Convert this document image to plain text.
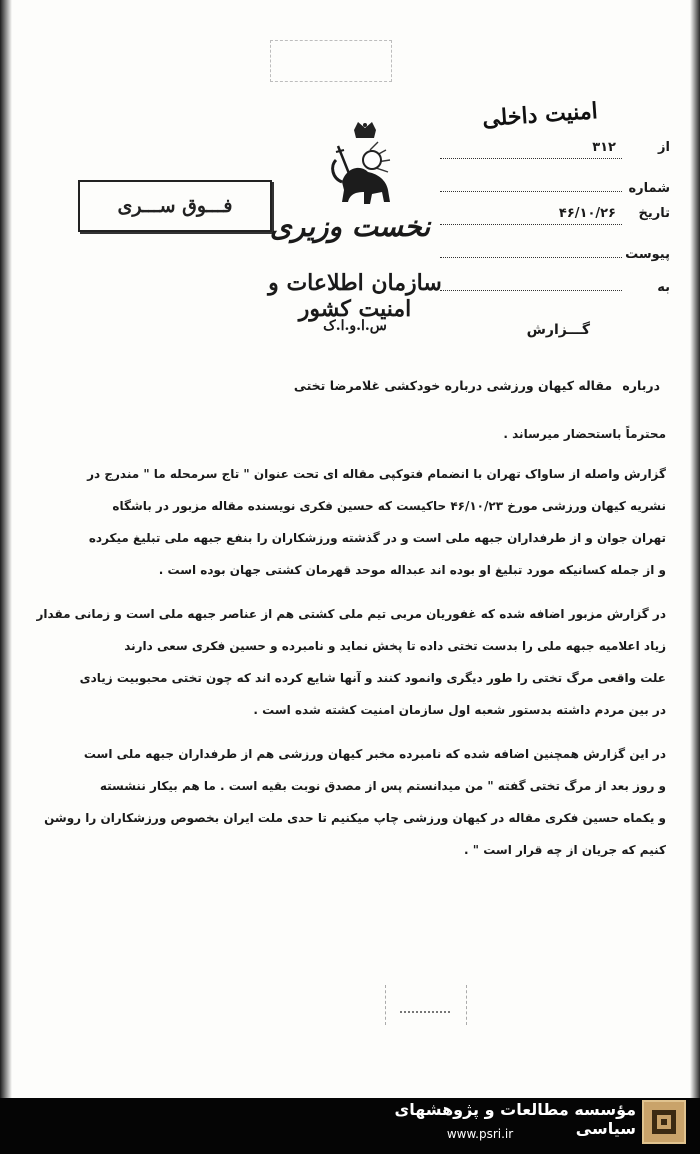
امنیت داخلی
فـــوق ســـری
نخست وزیری
سازمان اطلاعات و امنیت کشور
س.ا.و.ا.ک
از
۳۱۲
شماره
تاریخ
۴۶/۱۰/۲۶
پیوست
به
گـــزارش
درباره مقاله کیهان ورزشی درباره خودکشی غلامرضا تختی
محترماً باستحضار میرساند .
گزارش واصله از ساواک تهران با انضمام فتوکپی مقاله ای تحت عنوان " تاج سرمحله ما " مندرج در
نشریه کیهان ورزشی مورخ ۴۶/۱۰/۲۳ حاکیست که حسین فکری نویسنده مقاله مزبور در باشگاه
تهران جوان و از طرفداران جبهه ملی است و در گذشته ورزشکاران را بنفع جبهه ملی تبلیغ میکرده
و از جمله کسانیکه مورد تبلیغ او بوده اند عبداله موحد قهرمان کشتی جهان بوده است .
در گزارش مزبور اضافه شده که غفوریان مربی تیم ملی کشتی هم از عناصر جبهه ملی است و زمانی مقدار
زیاد اعلامیه جبهه ملی را بدست تختی داده تا پخش نماید و نامبرده و حسین فکری سعی دارند
علت واقعی مرگ تختی را طور دیگری وانمود کنند و آنها شایع کرده اند که چون تختی محبوبیت زیادی
در بین مردم داشته بدستور شعبه اول سازمان امنیت کشته شده است .
در این گزارش همچنین اضافه شده که نامبرده مخبر کیهان ورزشی هم از طرفداران جبهه ملی است
و روز بعد از مرگ تختی گفته " من میدانستم پس از مصدق نوبت بقیه است . ما هم بیکار ننشسته
و یکماه حسین فکری مقاله در کیهان ورزشی چاپ میکنیم تا حدی ملت ایران بخصوص ورزشکاران را روشن
کنیم که جریان از چه قرار است " .
مؤسسه مطالعات و پژوهشهای سیاسی
www.psri.ir
